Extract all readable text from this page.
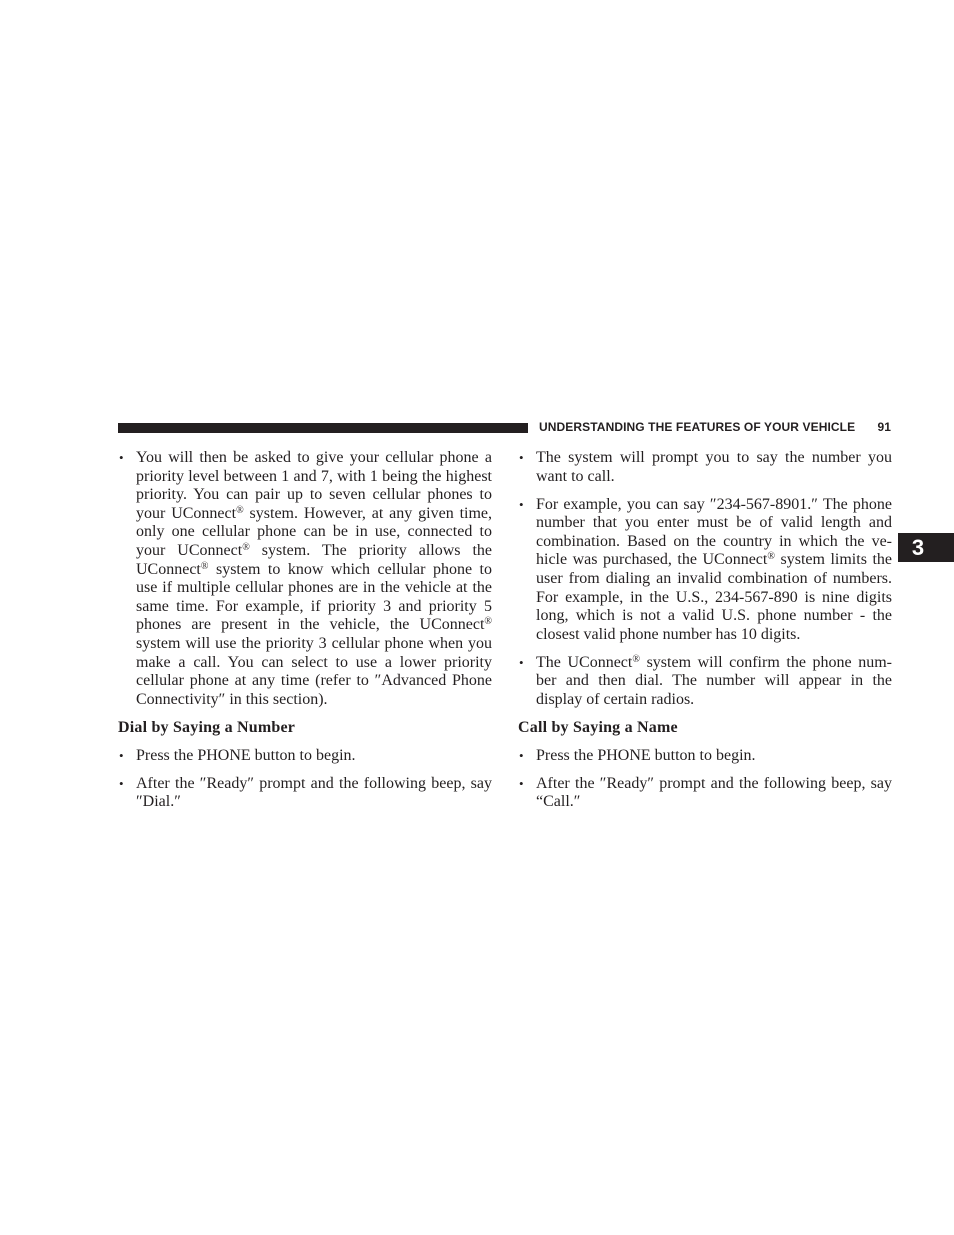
UNDERSTANDING THE FEATURES OF YOUR VEHICLE 91
3

• You will then be asked to give your cellular phone a priority level between 1 and 7, with 1 being the highest priority. You can pair up to seven cellular phones to your UConnect® system. However, at any given time, only one cellular phone can be in use, connected to your UConnect® system. The priority allows the UConnect® system to know which cellular phone to use if multiple cellular phones are in the vehicle at the same time. For example, if priority 3 and priority 5 phones are present in the vehicle, the UConnect® system will use the priority 3 cellular phone when you make a call. You can select to use a lower priority cellular phone at any time (refer to ″Advanced Phone Connectivity″ in this section).

Dial by Saying a Number

• Press the PHONE button to begin.

• After the ″Ready″ prompt and the following beep, say ″Dial.″

• The system will prompt you to say the number you want to call.

• For example, you can say ″234-567-8901.″ The phone number that you enter must be of valid length and combination. Based on the country in which the ve-hicle was purchased, the UConnect® system limits the user from dialing an invalid combination of numbers. For example, in the U.S., 234-567-890 is nine digits long, which is not a valid U.S. phone number - the closest valid phone number has 10 digits.

• The UConnect® system will confirm the phone num-ber and then dial. The number will appear in the display of certain radios.

Call by Saying a Name

• Press the PHONE button to begin.

• After the ″Ready″ prompt and the following beep, say “Call.″
